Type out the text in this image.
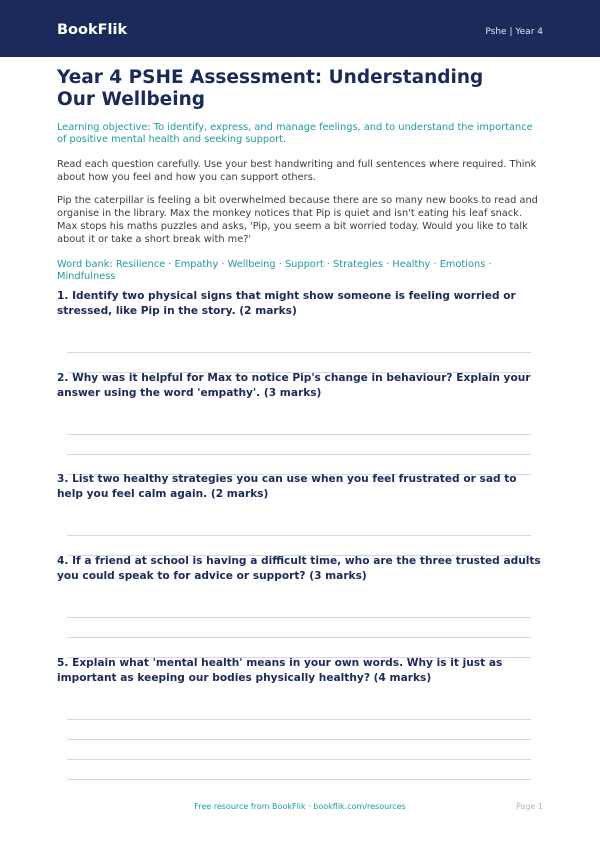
BookFlik	Pshe | Year 4
Year 4 PSHE Assessment: Understanding Our Wellbeing

Learning objective: To identify, express, and manage feelings, and to understand the importance of positive mental health and seeking support.

Read each question carefully. Use your best handwriting and full sentences where required. Think about how you feel and how you can support others.

Pip the caterpillar is feeling a bit overwhelmed because there are so many new books to read and organise in the library. Max the monkey notices that Pip is quiet and isn't eating his leaf snack. Max stops his maths puzzles and asks, 'Pip, you seem a bit worried today. Would you like to talk about it or take a short break with me?'

Word bank: Resilience · Empathy · Wellbeing · Support · Strategies · Healthy · Emotions · Mindfulness

1. Identify two physical signs that might show someone is feeling worried or stressed, like Pip in the story. (2 marks)

2. Why was it helpful for Max to notice Pip's change in behaviour? Explain your answer using the word 'empathy'. (3 marks)

3. List two healthy strategies you can use when you feel frustrated or sad to help you feel calm again. (2 marks)

4. If a friend at school is having a difficult time, who are the three trusted adults you could speak to for advice or support? (3 marks)

5. Explain what 'mental health' means in your own words. Why is it just as important as keeping our bodies physically healthy? (4 marks)

Free resource from BookFlik · bookflik.com/resources	Page 1
